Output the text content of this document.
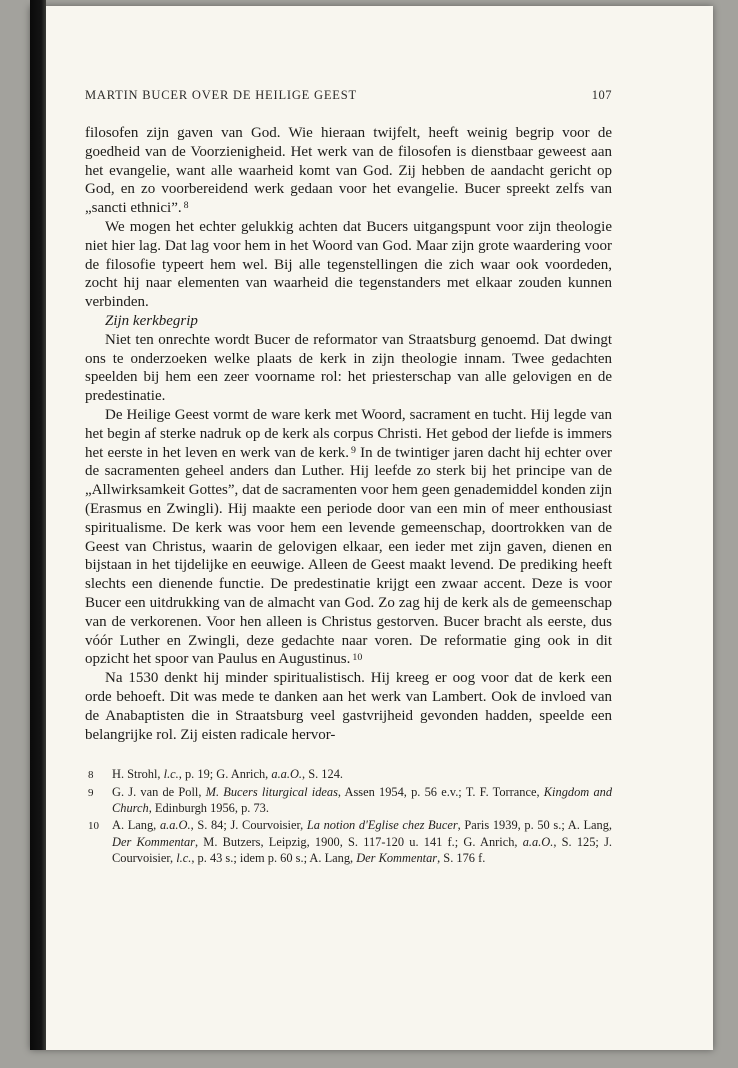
MARTIN BUCER OVER DE HEILIGE GEEST	107

filosofen zijn gaven van God. Wie hieraan twijfelt, heeft weinig begrip voor de goedheid van de Voorzienigheid. Het werk van de filosofen is dienstbaar geweest aan het evangelie, want alle waarheid komt van God. Zij hebben de aandacht gericht op God, en zo voorbereidend werk gedaan voor het evangelie. Bucer spreekt zelfs van „sancti ethnici”. $^8$

We mogen het echter gelukkig achten dat Bucers uitgangspunt voor zijn theologie niet hier lag. Dat lag voor hem in het Woord van God. Maar zijn grote waardering voor de filosofie typeert hem wel. Bij alle tegenstellingen die zich waar ook voordeden, zocht hij naar elementen van waarheid die tegenstanders met elkaar zouden kunnen verbinden.

Zijn kerkbegrip

Niet ten onrechte wordt Bucer de reformator van Straatsburg genoemd. Dat dwingt ons te onderzoeken welke plaats de kerk in zijn theologie innam. Twee gedachten speelden bij hem een zeer voorname rol: het priesterschap van alle gelovigen en de predestinatie.

De Heilige Geest vormt de ware kerk met Woord, sacrament en tucht. Hij legde van het begin af sterke nadruk op de kerk als corpus Christi. Het gebod der liefde is immers het eerste in het leven en werk van de kerk. $^9$ In de twintiger jaren dacht hij echter over de sacramenten geheel anders dan Luther. Hij leefde zo sterk bij het principe van de „Allwirksamkeit Gottes”, dat de sacramenten voor hem geen genademiddel konden zijn (Erasmus en Zwingli). Hij maakte een periode door van een min of meer enthousiast spiritualisme. De kerk was voor hem een levende gemeenschap, doortrokken van de Geest van Christus, waarin de gelovigen elkaar, een ieder met zijn gaven, dienen en bijstaan in het tijdelijke en eeuwige. Alleen de Geest maakt levend. De prediking heeft slechts een dienende functie. De predestinatie krijgt een zwaar accent. Deze is voor Bucer een uitdrukking van de almacht van God. Zo zag hij de kerk als de gemeenschap van de verkorenen. Voor hen alleen is Christus gestorven. Bucer bracht als eerste, dus vóór Luther en Zwingli, deze gedachte naar voren. De reformatie ging ook in dit opzicht het spoor van Paulus en Augustinus. $^{10}$

Na 1530 denkt hij minder spiritualistisch. Hij kreeg er oog voor dat de kerk een orde behoeft. Dit was mede te danken aan het werk van Lambert. Ook de invloed van de Anabaptisten die in Straatsburg veel gastvrijheid gevonden hadden, speelde een belangrijke rol. Zij eisten radicale hervor-

8	H. Strohl, l.c., p. 19; G. Anrich, a.a.O., S. 124.
9	G. J. van de Poll, M. Bucers liturgical ideas, Assen 1954, p. 56 e.v.; T. F. Torrance, Kingdom and Church, Edinburgh 1956, p. 73.
10	A. Lang, a.a.O., S. 84; J. Courvoisier, La notion d'Eglise chez Bucer, Paris 1939, p. 50 s.; A. Lang, Der Kommentar, M. Butzers, Leipzig, 1900, S. 117-120 u. 141 f.; G. Anrich, a.a.O., S. 125; J. Courvoisier, l.c., p. 43 s.; idem p. 60 s.; A. Lang, Der Kommentar, S. 176 f.
